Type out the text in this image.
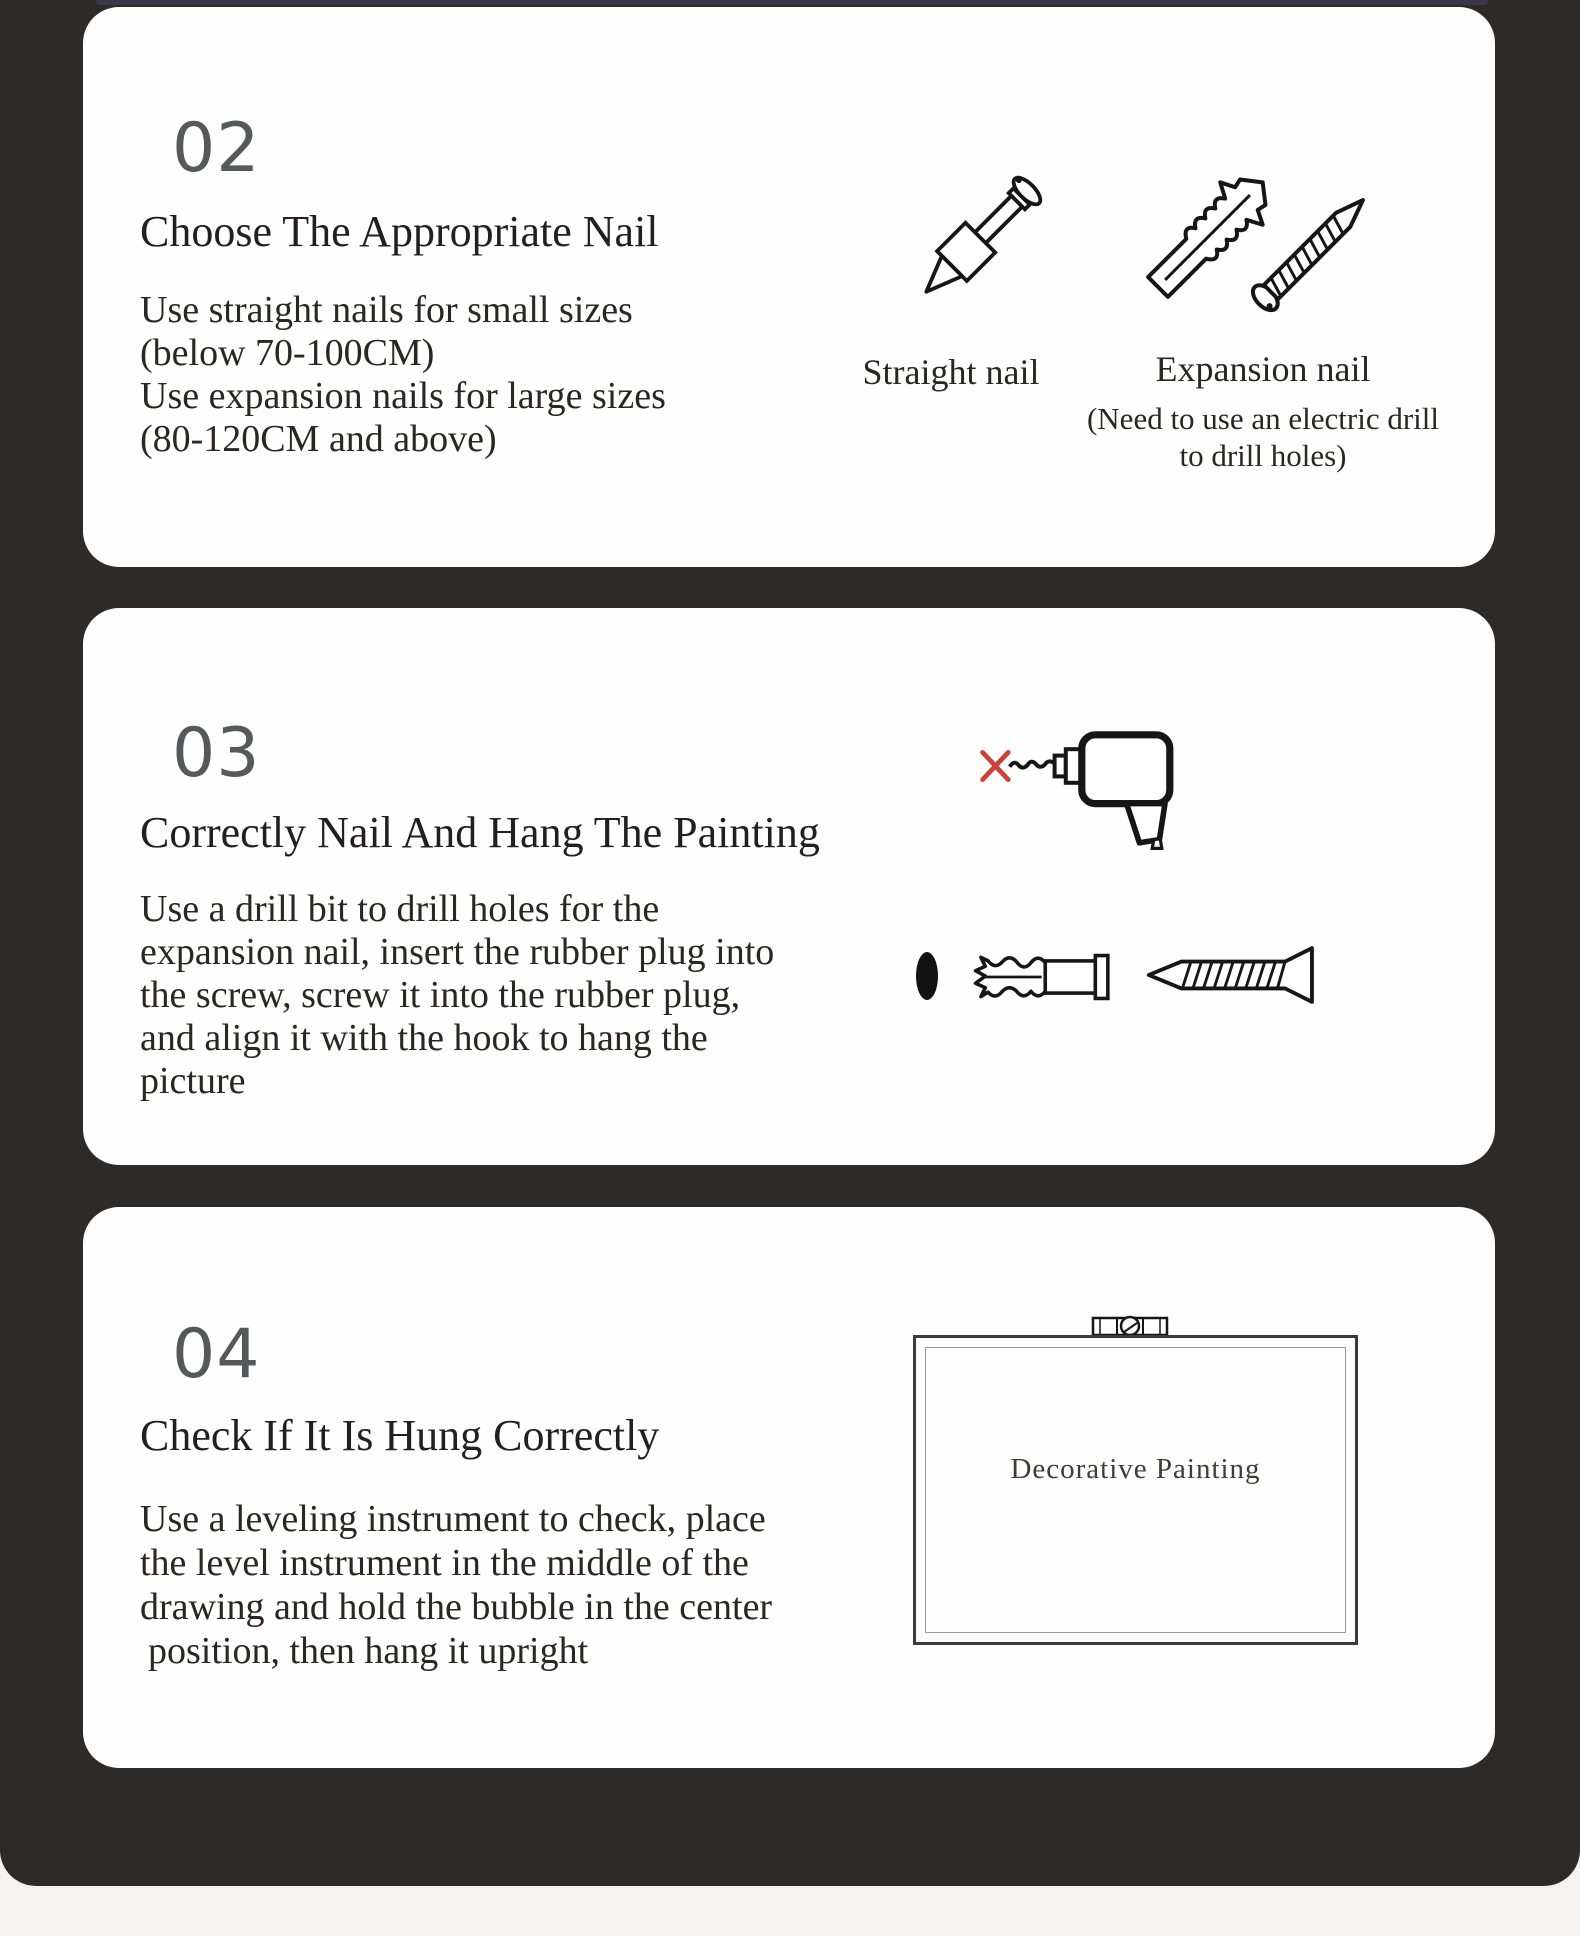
02
Choose The Appropriate Nail
Use straight nails for small sizes
(below 70-100CM)
Use expansion nails for large sizes
(80-120CM and above)
Straight nail	Expansion nail
(Need to use an electric drill
to drill holes)
03
Correctly Nail And Hang The Painting
Use a drill bit to drill holes for the
expansion nail, insert the rubber plug into
the screw, screw it into the rubber plug,
and align it with the hook to hang the
picture
04
Check If It Is Hung Correctly
Use a leveling instrument to check, place
the level instrument in the middle of the
drawing and hold the bubble in the center
position, then hang it upright
Decorative Painting
